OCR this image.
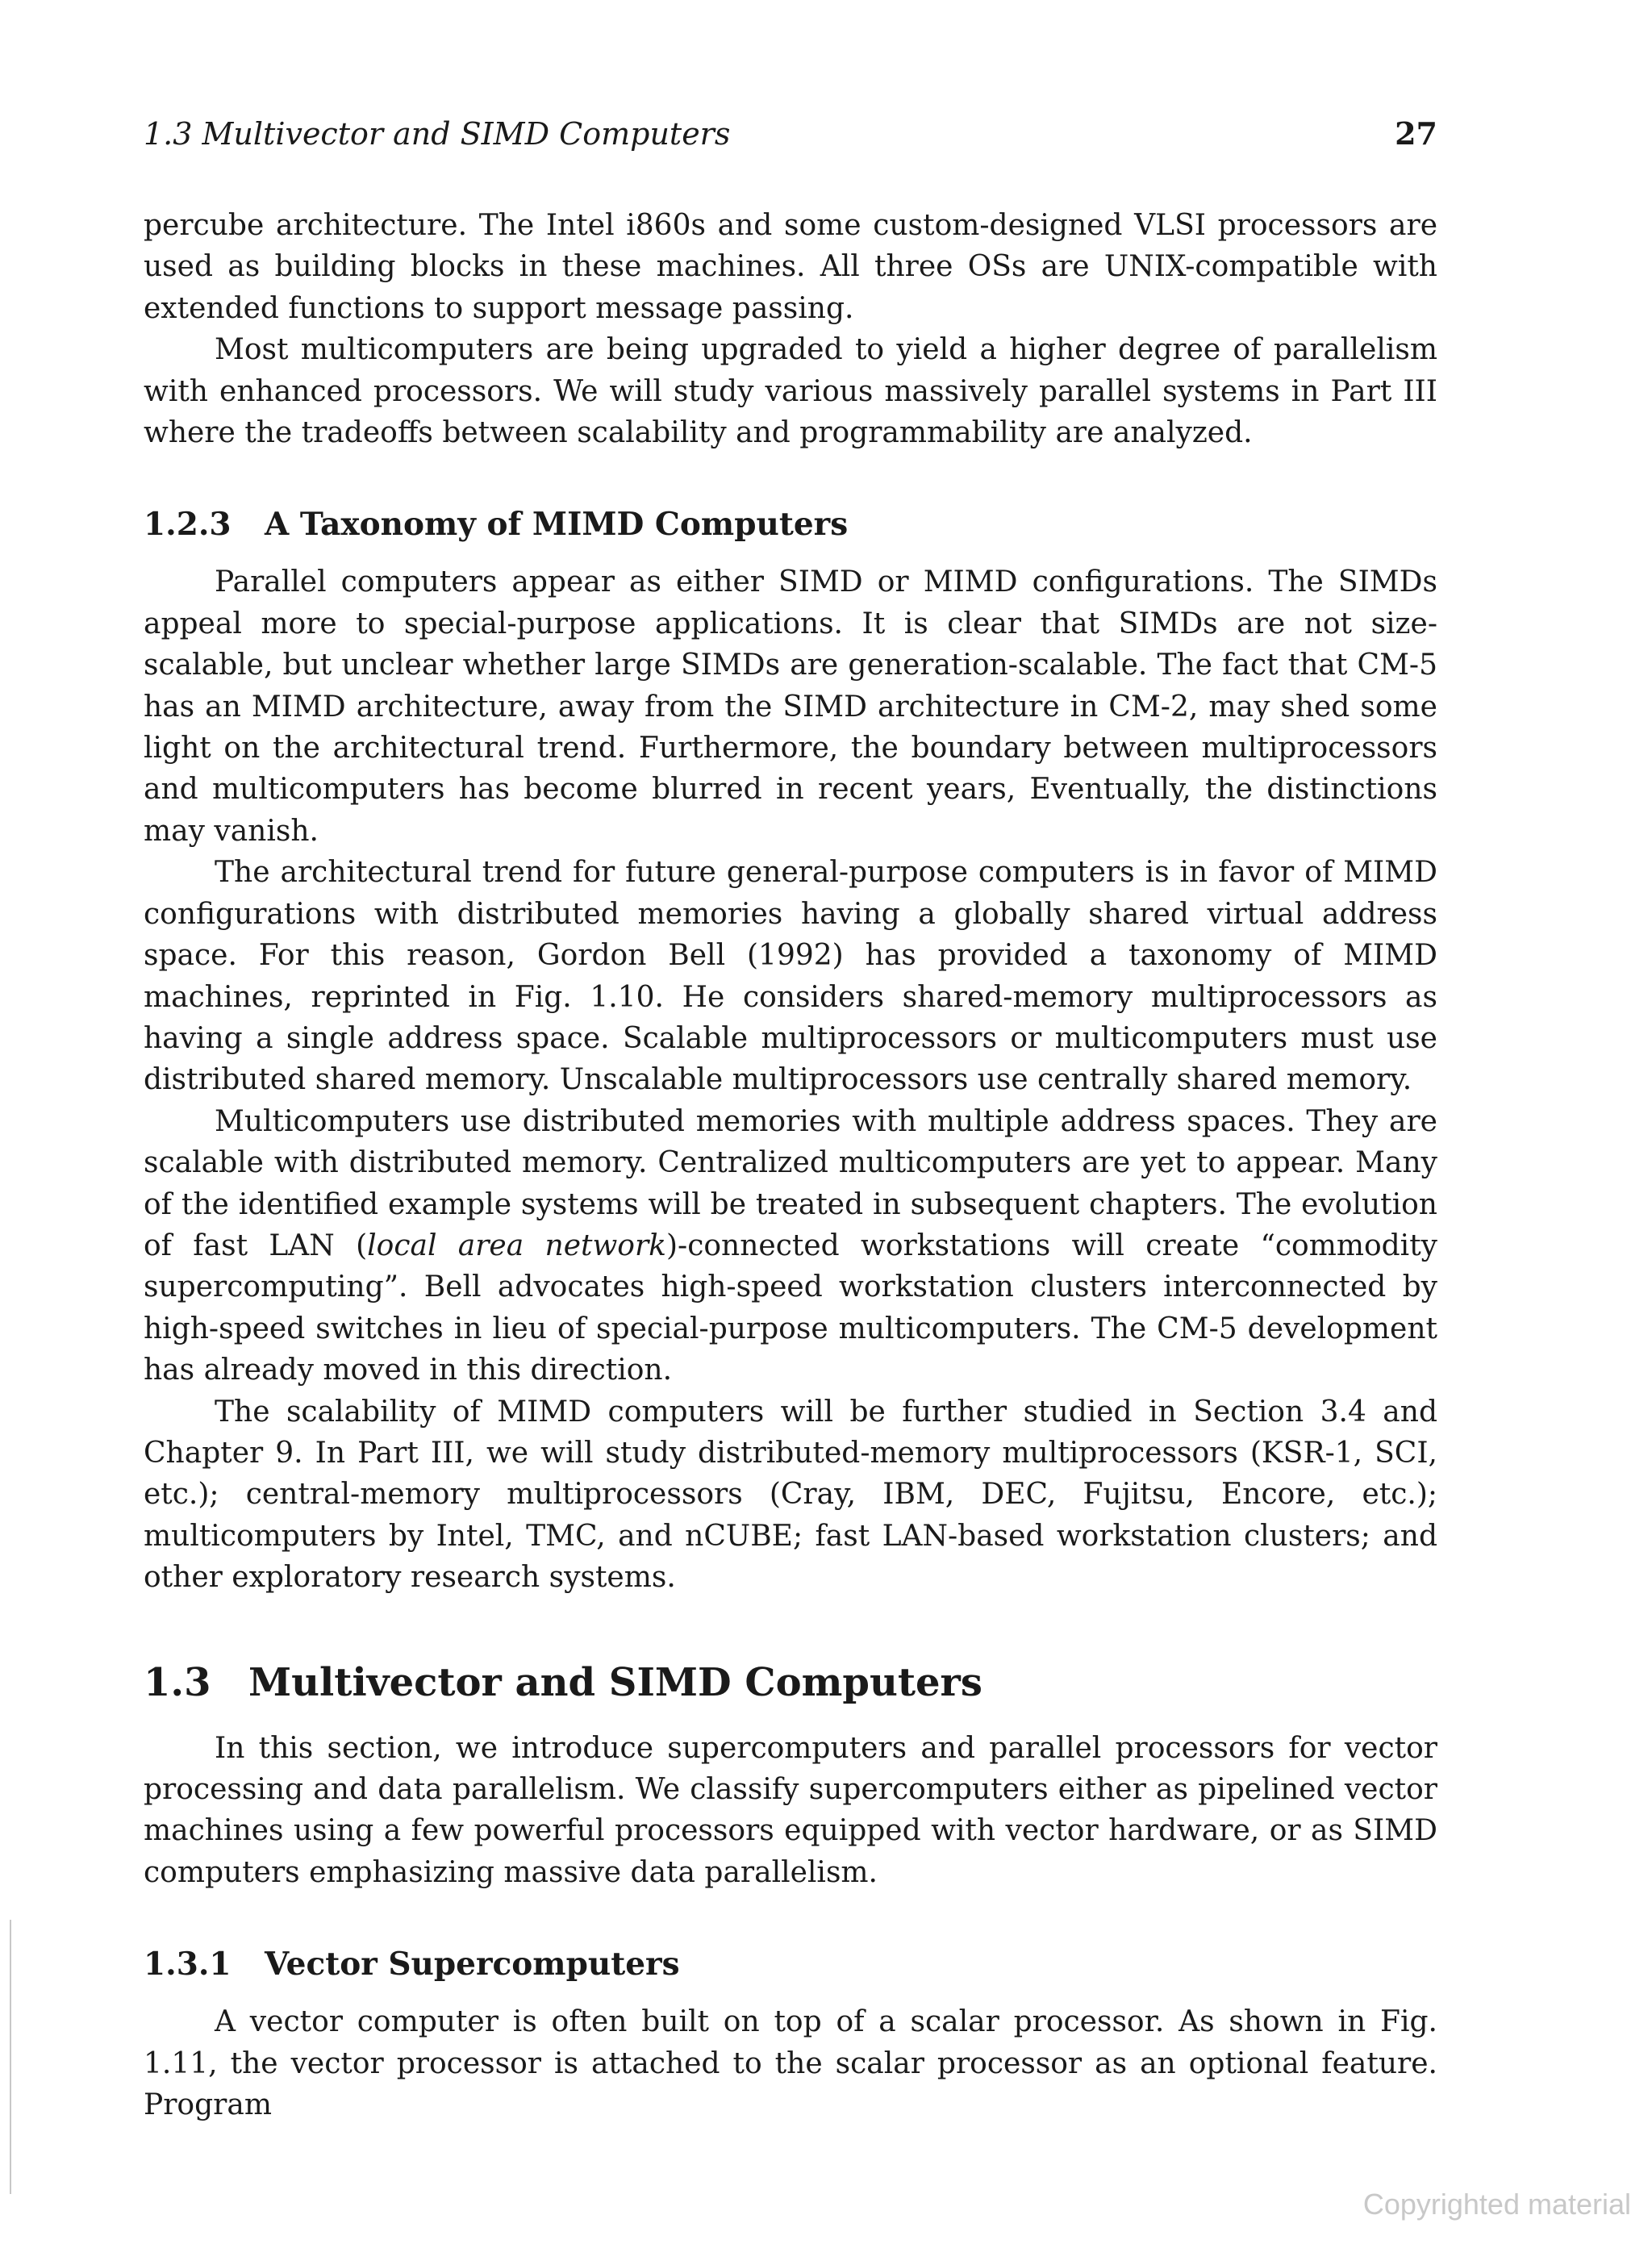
1.3 Multivector and SIMD Computers	27

percube architecture. The Intel i860s and some custom-designed VLSI processors are used as building blocks in these machines. All three OSs are UNIX-compatible with extended functions to support message passing.

Most multicomputers are being upgraded to yield a higher degree of parallelism with enhanced processors. We will study various massively parallel systems in Part III where the tradeoffs between scalability and programmability are analyzed.

1.2.3 A Taxonomy of MIMD Computers

Parallel computers appear as either SIMD or MIMD configurations. The SIMDs appeal more to special-purpose applications. It is clear that SIMDs are not size-scalable, but unclear whether large SIMDs are generation-scalable. The fact that CM-5 has an MIMD architecture, away from the SIMD architecture in CM-2, may shed some light on the architectural trend. Furthermore, the boundary between multiprocessors and multicomputers has become blurred in recent years, Eventually, the distinctions may vanish.

The architectural trend for future general-purpose computers is in favor of MIMD configurations with distributed memories having a globally shared virtual address space. For this reason, Gordon Bell (1992) has provided a taxonomy of MIMD machines, reprinted in Fig. 1.10. He considers shared-memory multiprocessors as having a single address space. Scalable multiprocessors or multicomputers must use distributed shared memory. Unscalable multiprocessors use centrally shared memory.

Multicomputers use distributed memories with multiple address spaces. They are scalable with distributed memory. Centralized multicomputers are yet to appear. Many of the identified example systems will be treated in subsequent chapters. The evolution of fast LAN (local area network)-connected workstations will create “commodity supercomputing”. Bell advocates high-speed workstation clusters interconnected by high-speed switches in lieu of special-purpose multicomputers. The CM-5 development has already moved in this direction.

The scalability of MIMD computers will be further studied in Section 3.4 and Chapter 9. In Part III, we will study distributed-memory multiprocessors (KSR-1, SCI, etc.); central-memory multiprocessors (Cray, IBM, DEC, Fujitsu, Encore, etc.); multicomputers by Intel, TMC, and nCUBE; fast LAN-based workstation clusters; and other exploratory research systems.

1.3 Multivector and SIMD Computers

In this section, we introduce supercomputers and parallel processors for vector processing and data parallelism. We classify supercomputers either as pipelined vector machines using a few powerful processors equipped with vector hardware, or as SIMD computers emphasizing massive data parallelism.

1.3.1 Vector Supercomputers

A vector computer is often built on top of a scalar processor. As shown in Fig. 1.11, the vector processor is attached to the scalar processor as an optional feature. Program

Copyrighted material
